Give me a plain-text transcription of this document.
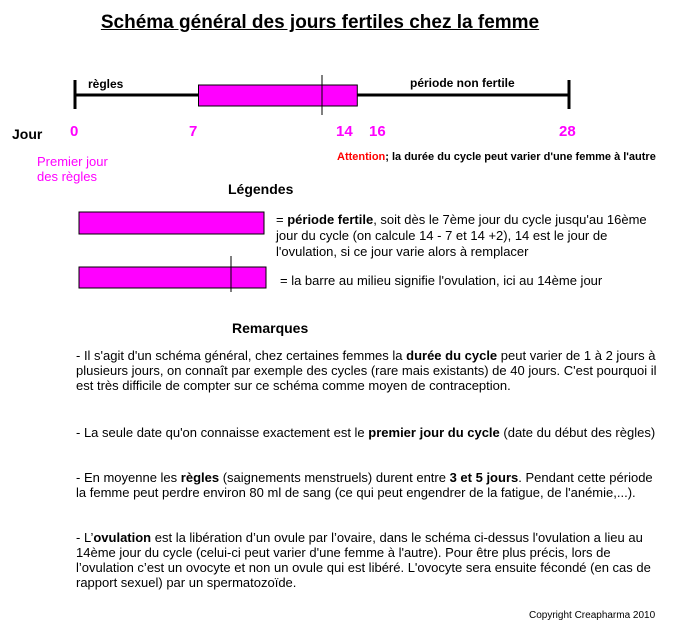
Schéma général des jours fertiles chez la femme
règles	période non fertile
Jour 0	7	14 16	28
Premier jour des règles
Attention; la durée du cycle peut varier d'une femme à l'autre
Légendes
= période fertile, soit dès le 7ème jour du cycle jusqu'au 16ème jour du cycle (on calcule 14 - 7 et 14 +2), 14 est le jour de l'ovulation, si ce jour varie alors à remplacer
= la barre au milieu signifie l'ovulation, ici au 14ème jour
Remarques
- Il s'agit d'un schéma général, chez certaines femmes la durée du cycle peut varier de 1 à 2 jours à plusieurs jours, on connaît par exemple des cycles (rare mais existants) de 40 jours. C'est pourquoi il est très difficile de compter sur ce schéma comme moyen de contraception.
- La seule date qu'on connaisse exactement est le premier jour du cycle (date du début des règles)
- En moyenne les règles (saignements menstruels) durent entre 3 et 5 jours. Pendant cette période la femme peut perdre environ 80 ml de sang (ce qui peut engendrer de la fatigue, de l'anémie,...).
- L’ovulation est la libération d’un ovule par l’ovaire, dans le schéma ci-dessus l'ovulation a lieu au 14ème jour du cycle (celui-ci peut varier d'une femme à l'autre). Pour être plus précis, lors de l’ovulation c’est un ovocyte et non un ovule qui est libéré. L'ovocyte sera ensuite fécondé (en cas de rapport sexuel) par un spermatozoïde.
Copyright Creapharma 2010
